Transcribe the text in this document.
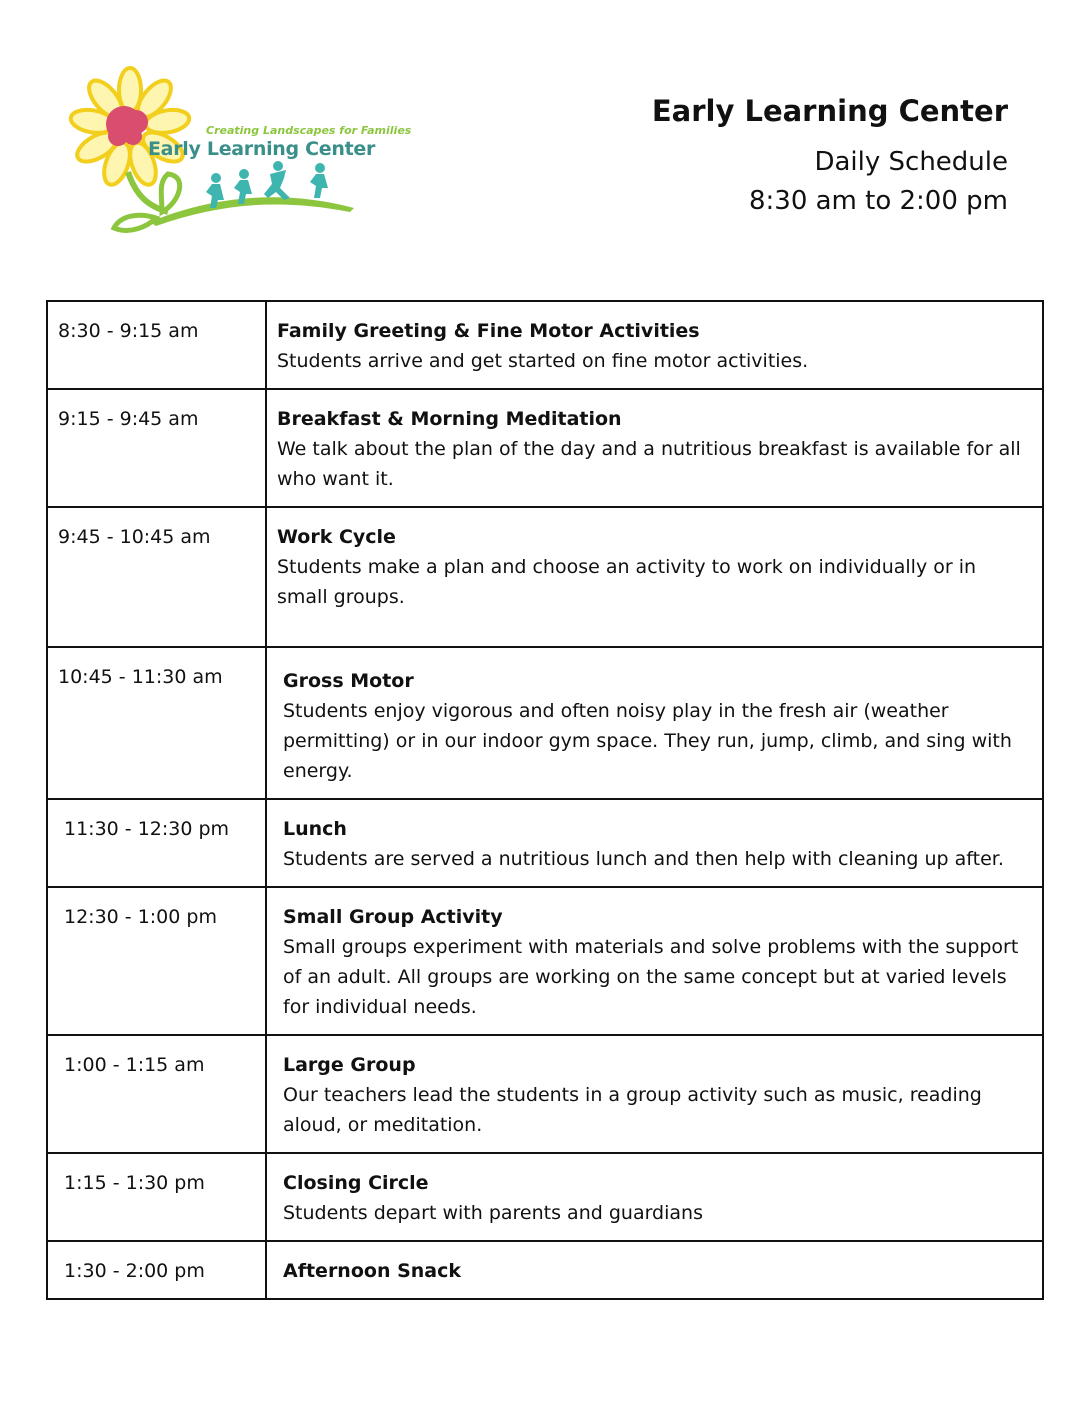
Creating Landscapes for Families
Early Learning Center
Early Learning Center
Daily Schedule
8:30 am to 2:00 pm
8:30 - 9:15 am	Family Greeting & Fine Motor Activities
Students arrive and get started on fine motor activities.

9:15 - 9:45 am	Breakfast & Morning Meditation
We talk about the plan of the day and a nutritious breakfast is available for all who want it.

9:45 - 10:45 am	Work Cycle
Students make a plan and choose an activity to work on individually or in small groups.

10:45 - 11:30 am	Gross Motor
Students enjoy vigorous and often noisy play in the fresh air (weather permitting) or in our indoor gym space. They run, jump, climb, and sing with energy.

11:30 - 12:30 pm	Lunch
Students are served a nutritious lunch and then help with cleaning up after.

12:30 - 1:00 pm	Small Group Activity
Small groups experiment with materials and solve problems with the support of an adult. All groups are working on the same concept but at varied levels for individual needs.

1:00 - 1:15 am	Large Group
Our teachers lead the students in a group activity such as music, reading aloud, or meditation.

1:15 - 1:30 pm	Closing Circle
Students depart with parents and guardians

1:30 - 2:00 pm	Afternoon Snack
